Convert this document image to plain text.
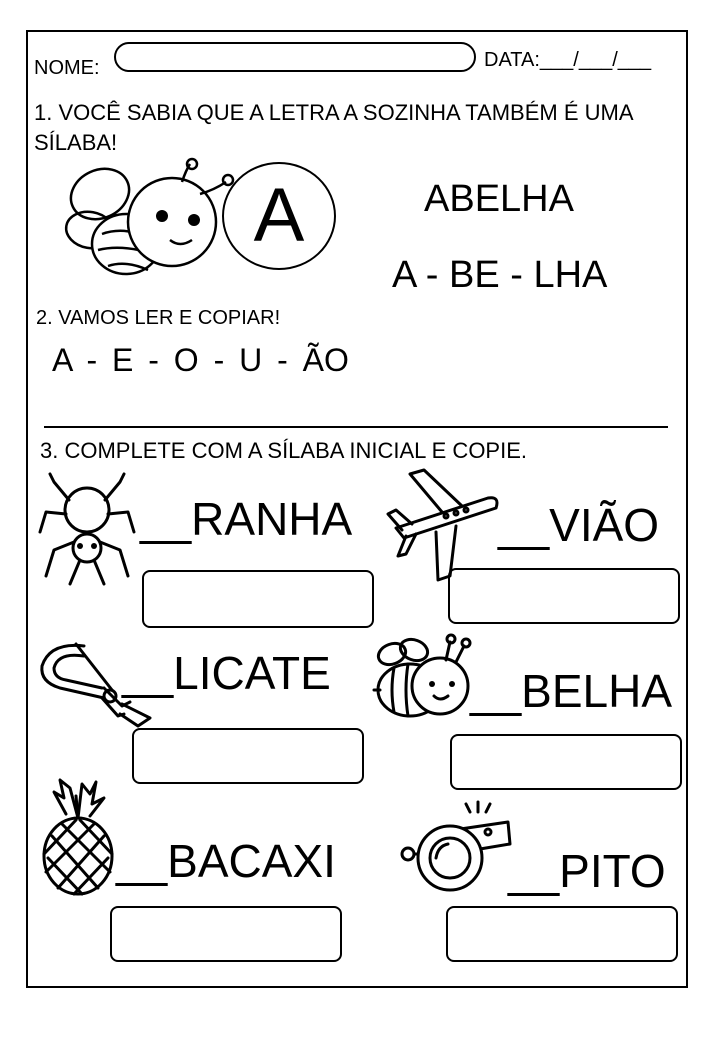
NOME:	DATA:___/___/___
1. VOCÊ SABIA QUE A LETRA A SOZINHA TAMBÉM É UMA SÍLABA!
A	ABELHA
A - BE - LHA
2. VAMOS LER E COPIAR!
A - E - O - U - ÃO
3. COMPLETE COM A SÍLABA INICIAL E COPIE.
__RANHA	__VIÃO
__LICATE	__BELHA
__BACAXI	__PITO
